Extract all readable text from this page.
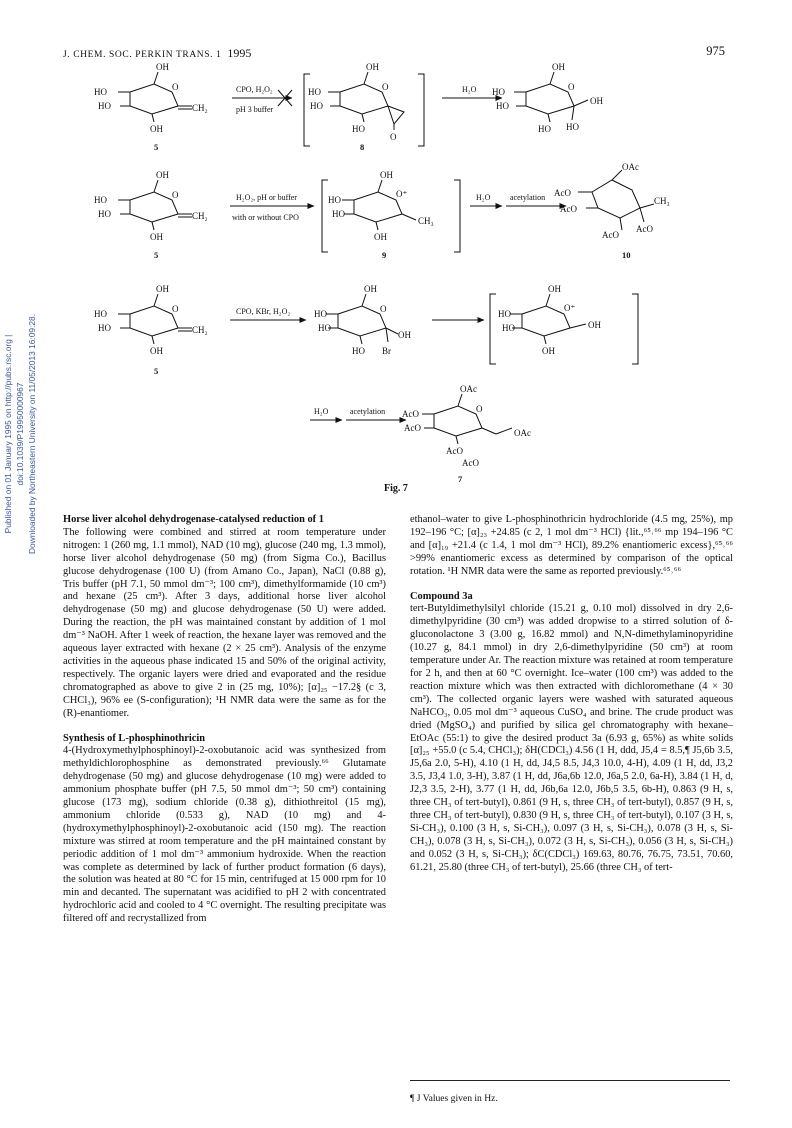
J. CHEM. SOC. PERKIN TRANS. 1 1995	975
Published on 01 January 1995 on http://pubs.rsc.org | doi:10.1039/P19950000967 Downloaded by Northeastern University on 11/05/2013 16:09:28.
OH
HO	O
HO
OH
CH₂
CPO, H₂O₂
pH 3 buffer
5
OH
HO	O
HO
HO
O
8
H₂O
OH
HO	O
HO	OH
HO HO
OH
HO	O
HO
OH
CH₂
H₂O₂, pH or buffer
with or without CPO
5
OH
HO
O⁺
HO
CH₃
OH
9
H₂O acetylation
OAc
AcO
AcO
CH₃
AcO
AcO
10
OH
HO	O
HO
OH
CH₂
CPO, KBr, H₂O₂
5
OH
HO	O
HO
OH
HO Br
OH
HO
O⁺
HO	OH
OH
H₂O	acetylation
OAc
AcO	O
AcO	OAc
AcO
AcO
7
Fig. 7
Horse liver alcohol dehydrogenase-catalysed reduction of 1

The following were combined and stirred at room temperature under nitrogen: 1 (260 mg, 1.1 mmol), NAD (10 mg), glucose (240 mg, 1.3 mmol), horse liver alcohol dehydrogenase (50 mg) (from Sigma Co.), Bacillus glucose dehydrogenase (100 U) (from Amano Co., Japan), NaCl (0.88 g), Tris buffer (pH 7.1, 50 mmol dm⁻³; 100 cm³), dimethylformamide (10 cm³) and hexane (25 cm³). After 3 days, additional horse liver alcohol dehydrogenase (50 mg) and glucose dehydrogenase (50 U) were added. During the reaction, the pH was maintained constant by addition of 1 mol dm⁻³ NaOH. After 1 week of reaction, the hexane layer was removed and the aqueous layer extracted with hexane (2 × 25 cm³). Analysis of the enzyme activities in the aqueous phase indicated 15 and 50% of the original activity, respectively. The organic layers were dried and evaporated and the residue chromatographed as above to give 2 in (25 mg, 10%); [α]₂₅ −17.2§ (c 3, CHCl₃), 96% ee (S-configuration); ¹H NMR data were the same as for the (R)-enantiomer.

Synthesis of L-phosphinothricin

4-(Hydroxymethylphosphinoyl)-2-oxobutanoic acid was synthesized from methyldichlorophosphine as demonstrated previously.⁶⁶ Glutamate dehydrogenase (50 mg) and glucose dehydrogenase (10 mg) were added to ammonium phosphate buffer (pH 7.5, 50 mmol dm⁻³; 50 cm³) containing glucose (173 mg), sodium chloride (0.38 g), dithiothreitol (15 mg), ammonium chloride (0.533 g), NAD (10 mg) and 4-(hydroxymethylphosphinoyl)-2-oxobutanoic acid (150 mg). The reaction mixture was stirred at room temperature and the pH maintained constant by periodic addition of 1 mol dm⁻³ ammonium hydroxide. When the reaction was complete as determined by lack of further product formation (6 days), the solution was heated at 80 °C for 15 min, centrifuged at 15 000 rpm for 10 min and decanted. The supernatant was acidified to pH 2 with concentrated hydrochloric acid and cooled to 4 °C overnight. The resulting precipitate was filtered off and recrystallized from

ethanol–water to give L-phosphinothricin hydrochloride (4.5 mg, 25%), mp 192–196 °C; [α]₂₃ +24.85 (c 2, 1 mol dm⁻³ HCl) {lit.,⁶⁵˒⁶⁶ mp 194–196 °C and [α]₁₉ +21.4 (c 1.4, 1 mol dm⁻³ HCl), 89.2% enantiomeric excess},⁶⁵˒⁶⁶ >99% enantiomeric excess as determined by comparison of the optical rotation. ¹H NMR data were the same as reported previously.⁶⁵˒⁶⁶

Compound 3a

tert-Butyldimethylsilyl chloride (15.21 g, 0.10 mol) dissolved in dry 2,6-dimethylpyridine (30 cm³) was added dropwise to a stirred solution of δ-gluconolactone 3 (3.00 g, 16.82 mmol) and N,N-dimethylaminopyridine (10.27 g, 84.1 mmol) in dry 2,6-dimethylpyridine (50 cm³) at room temperature under Ar. The reaction mixture was retained at room temperature for 2 h, and then at 60 °C overnight. Ice–water (100 cm³) was added to the reaction mixture which was then extracted with dichloromethane (4 × 30 cm³). The collected organic layers were washed with saturated aqueous NaHCO₃, 0.05 mol dm⁻³ aqueous CuSO₄ and brine. The crude product was dried (MgSO₄) and purified by silica gel chromatography with hexane–EtOAc (55:1) to give the desired product 3a (6.93 g, 65%) as white solids [α]₂₅ +55.0 (c 5.4, CHCl₃); δH(CDCl₃) 4.56 (1 H, ddd, J5,4 = 8.5,¶ J5,6b 3.5, J5,6a 2.0, 5-H), 4.10 (1 H, dd, J4,5 8.5, J4,3 10.0, 4-H), 4.09 (1 H, dd, J3,2 3.5, J3,4 1.0, 3-H), 3.87 (1 H, dd, J6a,6b 12.0, J6a,5 2.0, 6a-H), 3.84 (1 H, d, J2,3 3.5, 2-H), 3.77 (1 H, dd, J6b,6a 12.0, J6b,5 3.5, 6b-H), 0.863 (9 H, s, three CH₃ of tert-butyl), 0.861 (9 H, s, three CH₃ of tert-butyl), 0.857 (9 H, s, three CH₃ of tert-butyl), 0.830 (9 H, s, three CH₃ of tert-butyl), 0.107 (3 H, s, Si-CH₃), 0.100 (3 H, s, Si-CH₃), 0.097 (3 H, s, Si-CH₃), 0.078 (3 H, s, Si-CH₃), 0.078 (3 H, s, Si-CH₃), 0.072 (3 H, s, Si-CH₃), 0.056 (3 H, s, Si-CH₃) and 0.052 (3 H, s, Si-CH₃); δC(CDCl₃) 169.63, 80.76, 76.75, 73.51, 70.60, 61.21, 25.80 (three CH₃ of tert-butyl), 25.66 (three CH₃ of tert-

¶ J Values given in Hz.
